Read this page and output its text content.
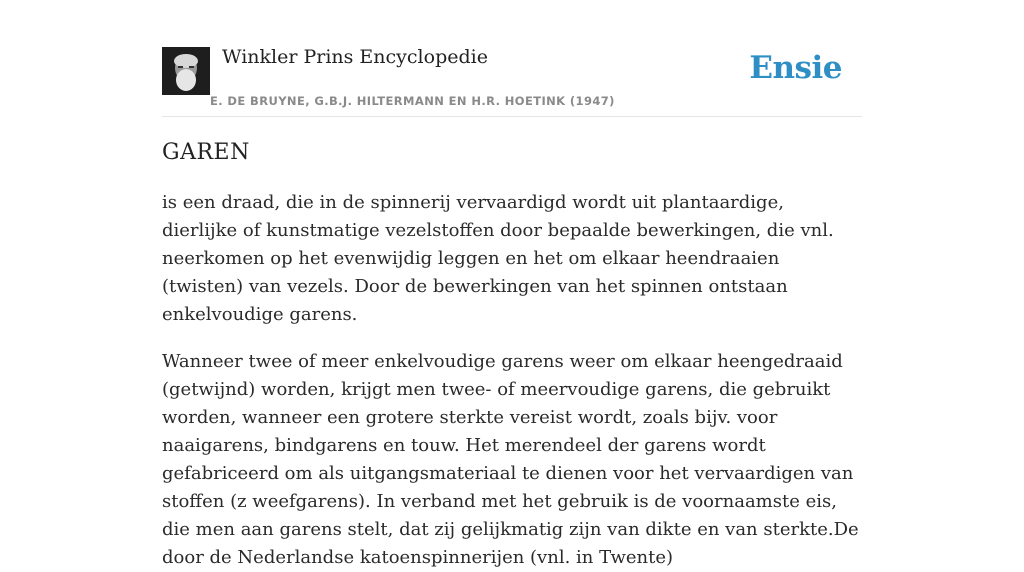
Winkler Prins Encyclopedie
E. DE BRUYNE, G.B.J. HILTERMANN EN H.R. HOETINK (1947)
Ensie
GAREN

is een draad, die in de spinnerij vervaardigd wordt uit plantaardige, dierlijke of kunstmatige vezelstoffen door bepaalde bewerkingen, die vnl. neerkomen op het evenwijdig leggen en het om elkaar heendraaien (twisten) van vezels. Door de bewerkingen van het spinnen ontstaan enkelvoudige garens.

Wanneer twee of meer enkelvoudige garens weer om elkaar heengedraaid (getwijnd) worden, krijgt men twee- of meervoudige garens, die gebruikt worden, wanneer een grotere sterkte vereist wordt, zoals bijv. voor naaigarens, bindgarens en touw. Het merendeel der garens wordt gefabriceerd om als uitgangsmateriaal te dienen voor het vervaardigen van stoffen (z weefgarens). In verband met het gebruik is de voornaamste eis, die men aan garens stelt, dat zij gelijkmatig zijn van dikte en van sterkte.De door de Nederlandse katoenspinnerijen (vnl. in Twente)
